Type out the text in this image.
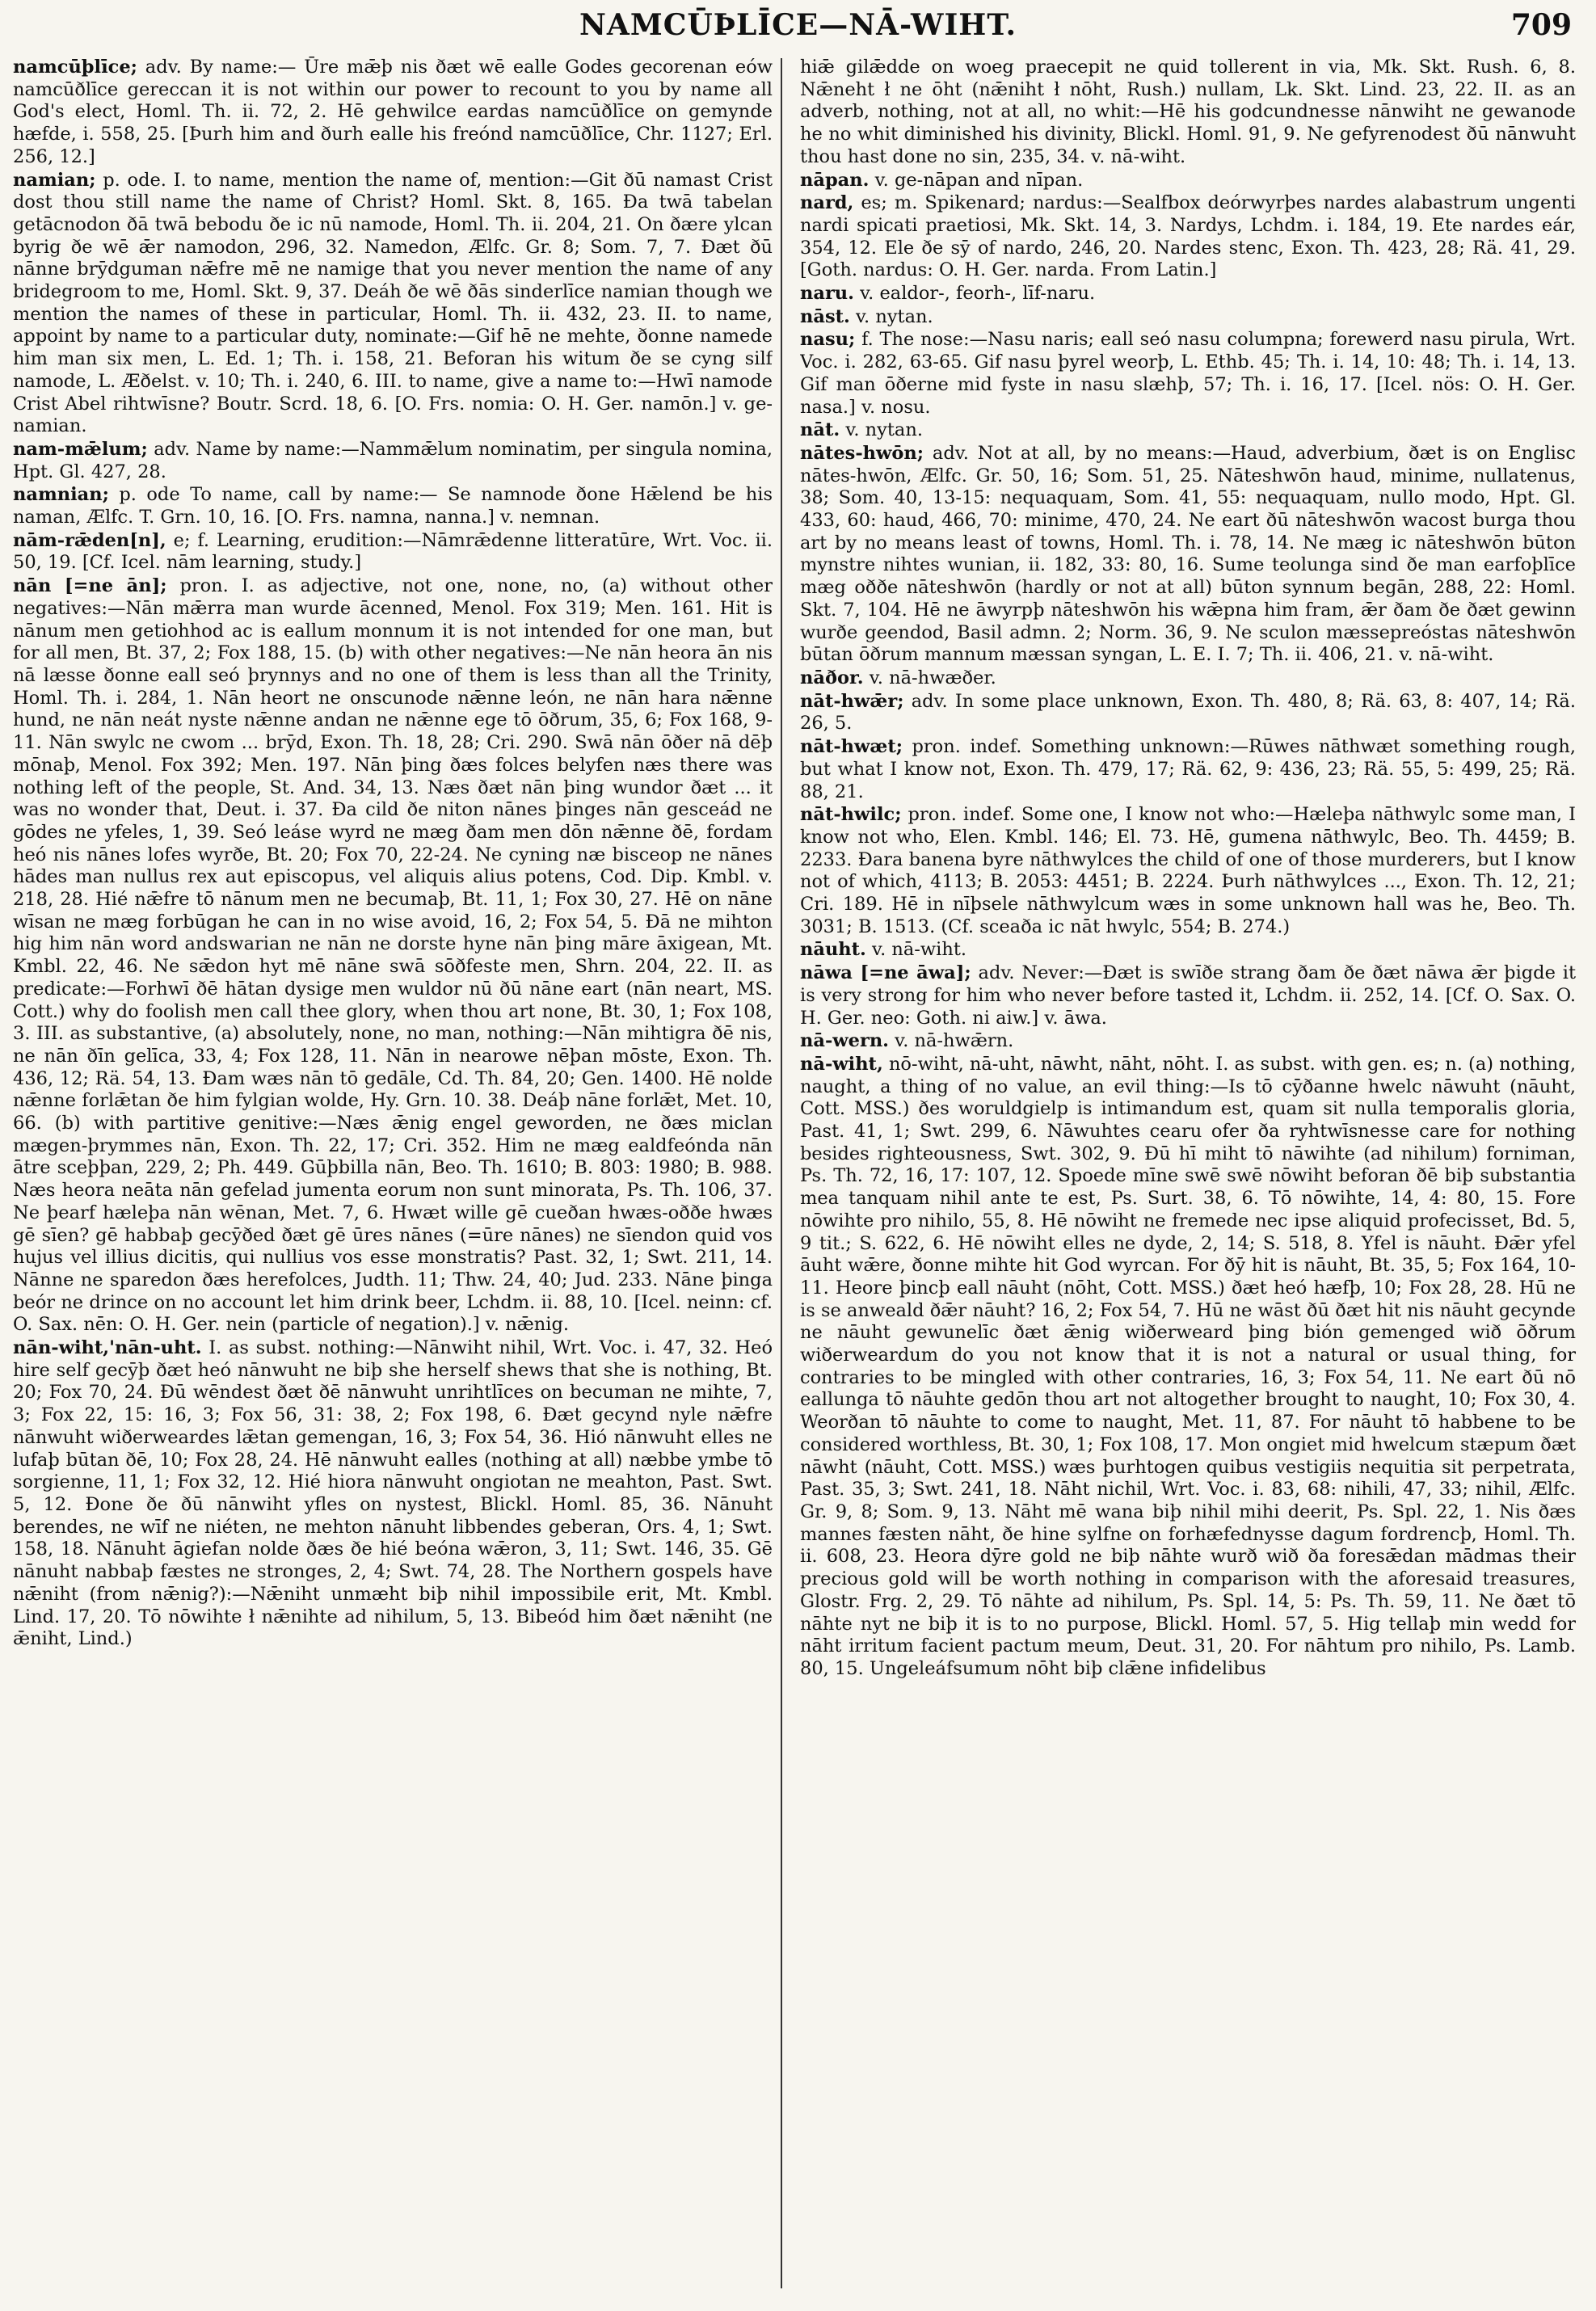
NAMCŪÞLĪCE—NĀ-WIHT.	709

namcūþlīce; adv. By name:— Ūre mǣþ nis ðæt wē ealle Godes gecorenan eów namcūðlīce gereccan it is not within our power to recount to you by name all God's elect, Homl. Th. ii. 72, 2. Hē gehwilce eardas namcūðlīce on gemynde hæfde, i. 558, 25. [Þurh him and ðurh ealle his freónd namcūðlīce, Chr. 1127; Erl. 256, 12.]

namian; p. ode. I. to name, mention the name of, mention:—Git ðū namast Crist dost thou still name the name of Christ? Homl. Skt. 8, 165. Ða twā tabelan getācnodon ðā twā bebodu ðe ic nū namode, Homl. Th. ii. 204, 21. On ðære ylcan byrig ðe wē ǣr namodon, 296, 32. Namedon, Ælfc. Gr. 8; Som. 7, 7. Ðæt ðū nānne brȳdguman nǣfre mē ne namige that you never mention the name of any bridegroom to me, Homl. Skt. 9, 37. Deáh ðe wē ðās sinderlīce namian though we mention the names of these in particular, Homl. Th. ii. 432, 23. II. to name, appoint by name to a particular duty, nominate:—Gif hē ne mehte, ðonne namede him man six men, L. Ed. 1; Th. i. 158, 21. Beforan his witum ðe se cyng silf namode, L. Æðelst. v. 10; Th. i. 240, 6. III. to name, give a name to:—Hwī namode Crist Abel rihtwīsne? Boutr. Scrd. 18, 6. [O. Frs. nomia: O. H. Ger. namōn.] v. ge-namian.

nam-mǣlum; adv. Name by name:—Nammǣlum nominatim, per singula nomina, Hpt. Gl. 427, 28.

namnian; p. ode To name, call by name:— Se namnode ðone Hǣlend be his naman, Ælfc. T. Grn. 10, 16. [O. Frs. namna, nanna.] v. nemnan.

nām-rǣden[n], e; f. Learning, erudition:—Nāmrǣdenne litteratūre, Wrt. Voc. ii. 50, 19. [Cf. Icel. nām learning, study.]

nān [=ne ān]; pron. I. as adjective, not one, none, no, (a) without other negatives:—Nān mǣrra man wurde ācenned, Menol. Fox 319; Men. 161. Hit is nānum men getiohhod ac is eallum monnum it is not intended for one man, but for all men, Bt. 37, 2; Fox 188, 15. (b) with other negatives:—Ne nān heora ān nis nā læsse ðonne eall seó þrynnys and no one of them is less than all the Trinity, Homl. Th. i. 284, 1. Nān heort ne onscunode nǣnne león, ne nān hara nǣnne hund, ne nān neát nyste nǣnne andan ne nǣnne ege tō ōðrum, 35, 6; Fox 168, 9-11. Nān swylc ne cwom ... brȳd, Exon. Th. 18, 28; Cri. 290. Swā nān ōðer nā dēþ mōnaþ, Menol. Fox 392; Men. 197. Nān þing ðæs folces belyfen næs there was nothing left of the people, St. And. 34, 13. Næs ðæt nān þing wundor ðæt ... it was no wonder that, Deut. i. 37. Ða cild ðe niton nānes þinges nān gesceád ne gōdes ne yfeles, 1, 39. Seó leáse wyrd ne mæg ðam men dōn nǣnne ðē, fordam heó nis nānes lofes wyrðe, Bt. 20; Fox 70, 22-24. Ne cyning næ bisceop ne nānes hādes man nullus rex aut episcopus, vel aliquis alius potens, Cod. Dip. Kmbl. v. 218, 28. Hié nǣfre tō nānum men ne becumaþ, Bt. 11, 1; Fox 30, 27. Hē on nāne wīsan ne mæg forbūgan he can in no wise avoid, 16, 2; Fox 54, 5. Ðā ne mihton hig him nān word andswarian ne nān ne dorste hyne nān þing māre āxigean, Mt. Kmbl. 22, 46. Ne sǣdon hyt mē nāne swā sōðfeste men, Shrn. 204, 22. II. as predicate:—Forhwī ðē hātan dysige men wuldor nū ðū nāne eart (nān neart, MS. Cott.) why do foolish men call thee glory, when thou art none, Bt. 30, 1; Fox 108, 3. III. as substantive, (a) absolutely, none, no man, nothing:—Nān mihtigra ðē nis, ne nān ðīn gelīca, 33, 4; Fox 128, 11. Nān in nearowe nēþan mōste, Exon. Th. 436, 12; Rä. 54, 13. Ðam wæs nān tō gedāle, Cd. Th. 84, 20; Gen. 1400. Hē nolde nǣnne forlǣtan ðe him fylgian wolde, Hy. Grn. 10. 38. Deáþ nāne forlǣt, Met. 10, 66. (b) with partitive genitive:—Næs ǣnig engel geworden, ne ðæs miclan mægen-þrymmes nān, Exon. Th. 22, 17; Cri. 352. Him ne mæg ealdfeónda nān ātre sceþþan, 229, 2; Ph. 449. Gūþbilla nān, Beo. Th. 1610; B. 803: 1980; B. 988. Næs heora neāta nān gefelad jumenta eorum non sunt minorata, Ps. Th. 106, 37. Ne þearf hæleþa nān wēnan, Met. 7, 6. Hwæt wille gē cueðan hwæs-oððe hwæs gē sīen? gē habbaþ gecȳðed ðæt gē ūres nānes (=ūre nānes) ne sīendon quid vos hujus vel illius dicitis, qui nullius vos esse monstratis? Past. 32, 1; Swt. 211, 14. Nānne ne sparedon ðæs herefolces, Judth. 11; Thw. 24, 40; Jud. 233. Nāne þinga beór ne drince on no account let him drink beer, Lchdm. ii. 88, 10. [Icel. neinn: cf. O. Sax. nēn: O. H. Ger. nein (particle of negation).] v. nǣnig.

nān-wiht,'nān-uht. I. as subst. nothing:—Nānwiht nihil, Wrt. Voc. i. 47, 32. Heó hire self gecȳþ ðæt heó nānwuht ne biþ she herself shews that she is nothing, Bt. 20; Fox 70, 24. Ðū wēndest ðæt ðē nānwuht unrihtlīces on becuman ne mihte, 7, 3; Fox 22, 15: 16, 3; Fox 56, 31: 38, 2; Fox 198, 6. Ðæt gecynd nyle nǣfre nānwuht wiðerweardes lǣtan gemengan, 16, 3; Fox 54, 36. Hió nānwuht elles ne lufaþ būtan ðē, 10; Fox 28, 24. Hē nānwuht ealles (nothing at all) næbbe ymbe tō sorgienne, 11, 1; Fox 32, 12. Hié hiora nānwuht ongiotan ne meahton, Past. Swt. 5, 12. Ðone ðe ðū nānwiht yfles on nystest, Blickl. Homl. 85, 36. Nānuht berendes, ne wīf ne niéten, ne mehton nānuht libbendes geberan, Ors. 4, 1; Swt. 158, 18. Nānuht āgiefan nolde ðæs ðe hié beóna wǣron, 3, 11; Swt. 146, 35. Gē nānuht nabbaþ fæstes ne stronges, 2, 4; Swt. 74, 28. The Northern gospels have nǣniht (from nǣnig?):—Nǣniht unmæht biþ nihil impossibile erit, Mt. Kmbl. Lind. 17, 20. Tō nōwihte ł nǣnihte ad nihilum, 5, 13. Bibeód him ðæt nǣniht (ne ǣniht, Lind.)

hiǣ gilǣdde on woeg praecepit ne quid tollerent in via, Mk. Skt. Rush. 6, 8. Nǣneht ł ne ōht (nǣniht ł nōht, Rush.) nullam, Lk. Skt. Lind. 23, 22. II. as an adverb, nothing, not at all, no whit:—Hē his godcundnesse nānwiht ne gewanode he no whit diminished his divinity, Blickl. Homl. 91, 9. Ne gefyrenodest ðū nānwuht thou hast done no sin, 235, 34. v. nā-wiht.

nāpan. v. ge-nāpan and nīpan.

nard, es; m. Spikenard; nardus:—Sealfbox deórwyrþes nardes alabastrum ungenti nardi spicati praetiosi, Mk. Skt. 14, 3. Nardys, Lchdm. i. 184, 19. Ete nardes eár, 354, 12. Ele ðe sȳ of nardo, 246, 20. Nardes stenc, Exon. Th. 423, 28; Rä. 41, 29. [Goth. nardus: O. H. Ger. narda. From Latin.]

naru. v. ealdor-, feorh-, līf-naru.

nāst. v. nytan.

nasu; f. The nose:—Nasu naris; eall seó nasu columpna; forewerd nasu pirula, Wrt. Voc. i. 282, 63-65. Gif nasu þyrel weorþ, L. Ethb. 45; Th. i. 14, 10: 48; Th. i. 14, 13. Gif man ōðerne mid fyste in nasu slæhþ, 57; Th. i. 16, 17. [Icel. nös: O. H. Ger. nasa.] v. nosu.

nāt. v. nytan.

nātes-hwōn; adv. Not at all, by no means:—Haud, adverbium, ðæt is on Englisc nātes-hwōn, Ælfc. Gr. 50, 16; Som. 51, 25. Nāteshwōn haud, minime, nullatenus, 38; Som. 40, 13-15: nequaquam, Som. 41, 55: nequaquam, nullo modo, Hpt. Gl. 433, 60: haud, 466, 70: minime, 470, 24. Ne eart ðū nāteshwōn wacost burga thou art by no means least of towns, Homl. Th. i. 78, 14. Ne mæg ic nāteshwōn būton mynstre nihtes wunian, ii. 182, 33: 80, 16. Sume teolunga sind ðe man earfoþlīce mæg oððe nāteshwōn (hardly or not at all) būton synnum begān, 288, 22: Homl. Skt. 7, 104. Hē ne āwyrpþ nāteshwōn his wǣpna him fram, ǣr ðam ðe ðæt gewinn wurðe geendod, Basil admn. 2; Norm. 36, 9. Ne sculon mæssepreóstas nāteshwōn būtan ōðrum mannum mæssan syngan, L. E. I. 7; Th. ii. 406, 21. v. nā-wiht.

nāðor. v. nā-hwæðer.

nāt-hwǣr; adv. In some place unknown, Exon. Th. 480, 8; Rä. 63, 8: 407, 14; Rä. 26, 5.

nāt-hwæt; pron. indef. Something unknown:—Rūwes nāthwæt something rough, but what I know not, Exon. Th. 479, 17; Rä. 62, 9: 436, 23; Rä. 55, 5: 499, 25; Rä. 88, 21.

nāt-hwilc; pron. indef. Some one, I know not who:—Hæleþa nāthwylc some man, I know not who, Elen. Kmbl. 146; El. 73. Hē, gumena nāthwylc, Beo. Th. 4459; B. 2233. Ðara banena byre nāthwylces the child of one of those murderers, but I know not of which, 4113; B. 2053: 4451; B. 2224. Þurh nāthwylces ..., Exon. Th. 12, 21; Cri. 189. Hē in nīþsele nāthwylcum wæs in some unknown hall was he, Beo. Th. 3031; B. 1513. (Cf. sceaða ic nāt hwylc, 554; B. 274.)

nāuht. v. nā-wiht.

nāwa [=ne āwa]; adv. Never:—Ðæt is swīðe strang ðam ðe ðæt nāwa ǣr þigde it is very strong for him who never before tasted it, Lchdm. ii. 252, 14. [Cf. O. Sax. O. H. Ger. neo: Goth. ni aiw.] v. āwa.

nā-wern. v. nā-hwǣrn.

nā-wiht, nō-wiht, nā-uht, nāwht, nāht, nōht. I. as subst. with gen. es; n. (a) nothing, naught, a thing of no value, an evil thing:—Is tō cȳðanne hwelc nāwuht (nāuht, Cott. MSS.) ðes woruldgielp is intimandum est, quam sit nulla temporalis gloria, Past. 41, 1; Swt. 299, 6. Nāwuhtes cearu ofer ða ryhtwīsnesse care for nothing besides righteousness, Swt. 302, 9. Ðū hī miht tō nāwihte (ad nihilum) forniman, Ps. Th. 72, 16, 17: 107, 12. Spoede mīne swē swē nōwiht beforan ðē biþ substantia mea tanquam nihil ante te est, Ps. Surt. 38, 6. Tō nōwihte, 14, 4: 80, 15. Fore nōwihte pro nihilo, 55, 8. Hē nōwiht ne fremede nec ipse aliquid profecisset, Bd. 5, 9 tit.; S. 622, 6. Hē nōwiht elles ne dyde, 2, 14; S. 518, 8. Yfel is nāuht. Ðǣr yfel āuht wǣre, ðonne mihte hit God wyrcan. For ðȳ hit is nāuht, Bt. 35, 5; Fox 164, 10-11. Heore þincþ eall nāuht (nōht, Cott. MSS.) ðæt heó hæfþ, 10; Fox 28, 28. Hū ne is se anweald ðǣr nāuht? 16, 2; Fox 54, 7. Hū ne wāst ðū ðæt hit nis nāuht gecynde ne nāuht gewunelīc ðæt ǣnig wiðerweard þing bión gemenged wið ōðrum wiðerweardum do you not know that it is not a natural or usual thing, for contraries to be mingled with other contraries, 16, 3; Fox 54, 11. Ne eart ðū nō eallunga tō nāuhte gedōn thou art not altogether brought to naught, 10; Fox 30, 4. Weorðan tō nāuhte to come to naught, Met. 11, 87. For nāuht tō habbene to be considered worthless, Bt. 30, 1; Fox 108, 17. Mon ongiet mid hwelcum stæpum ðæt nāwht (nāuht, Cott. MSS.) wæs þurhtogen quibus vestigiis nequitia sit perpetrata, Past. 35, 3; Swt. 241, 18. Nāht nichil, Wrt. Voc. i. 83, 68: nihili, 47, 33; nihil, Ælfc. Gr. 9, 8; Som. 9, 13. Nāht mē wana biþ nihil mihi deerit, Ps. Spl. 22, 1. Nis ðæs mannes fæsten nāht, ðe hine sylfne on forhæfednysse dagum fordrencþ, Homl. Th. ii. 608, 23. Heora dȳre gold ne biþ nāhte wurð wið ða foresǣdan mādmas their precious gold will be worth nothing in comparison with the aforesaid treasures, Glostr. Frg. 2, 29. Tō nāhte ad nihilum, Ps. Spl. 14, 5: Ps. Th. 59, 11. Ne ðæt tō nāhte nyt ne biþ it is to no purpose, Blickl. Homl. 57, 5. Hig tellaþ min wedd for nāht irritum facient pactum meum, Deut. 31, 20. For nāhtum pro nihilo, Ps. Lamb. 80, 15. Ungeleáfsumum nōht biþ clǣne infidelibus
